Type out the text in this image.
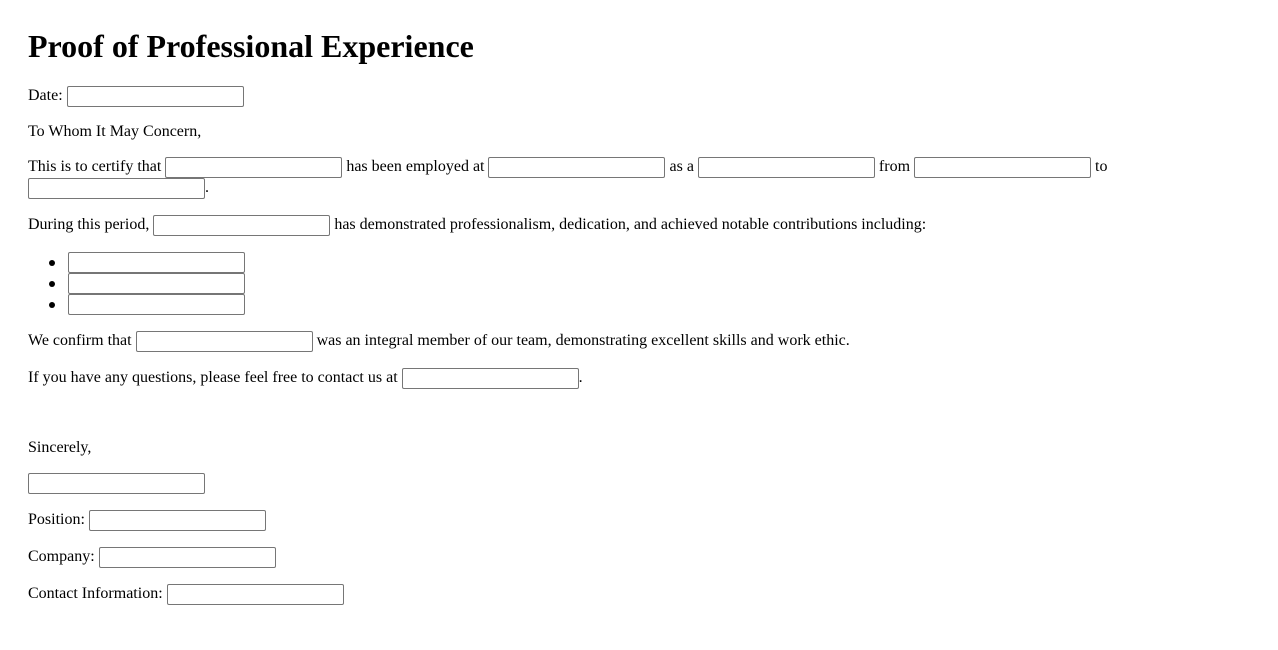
Proof of Professional Experience
Date:
To Whom It May Concern,
This is to certify that	has been employed at	as a	from	to
.
During this period,	has demonstrated professionalism, dedication, and achieved notable contributions including:
We confirm that	was an integral member of our team, demonstrating excellent skills and work ethic.
If you have any questions, please feel free to contact us at	.
Sincerely,
Position:
Company:
Contact Information:
